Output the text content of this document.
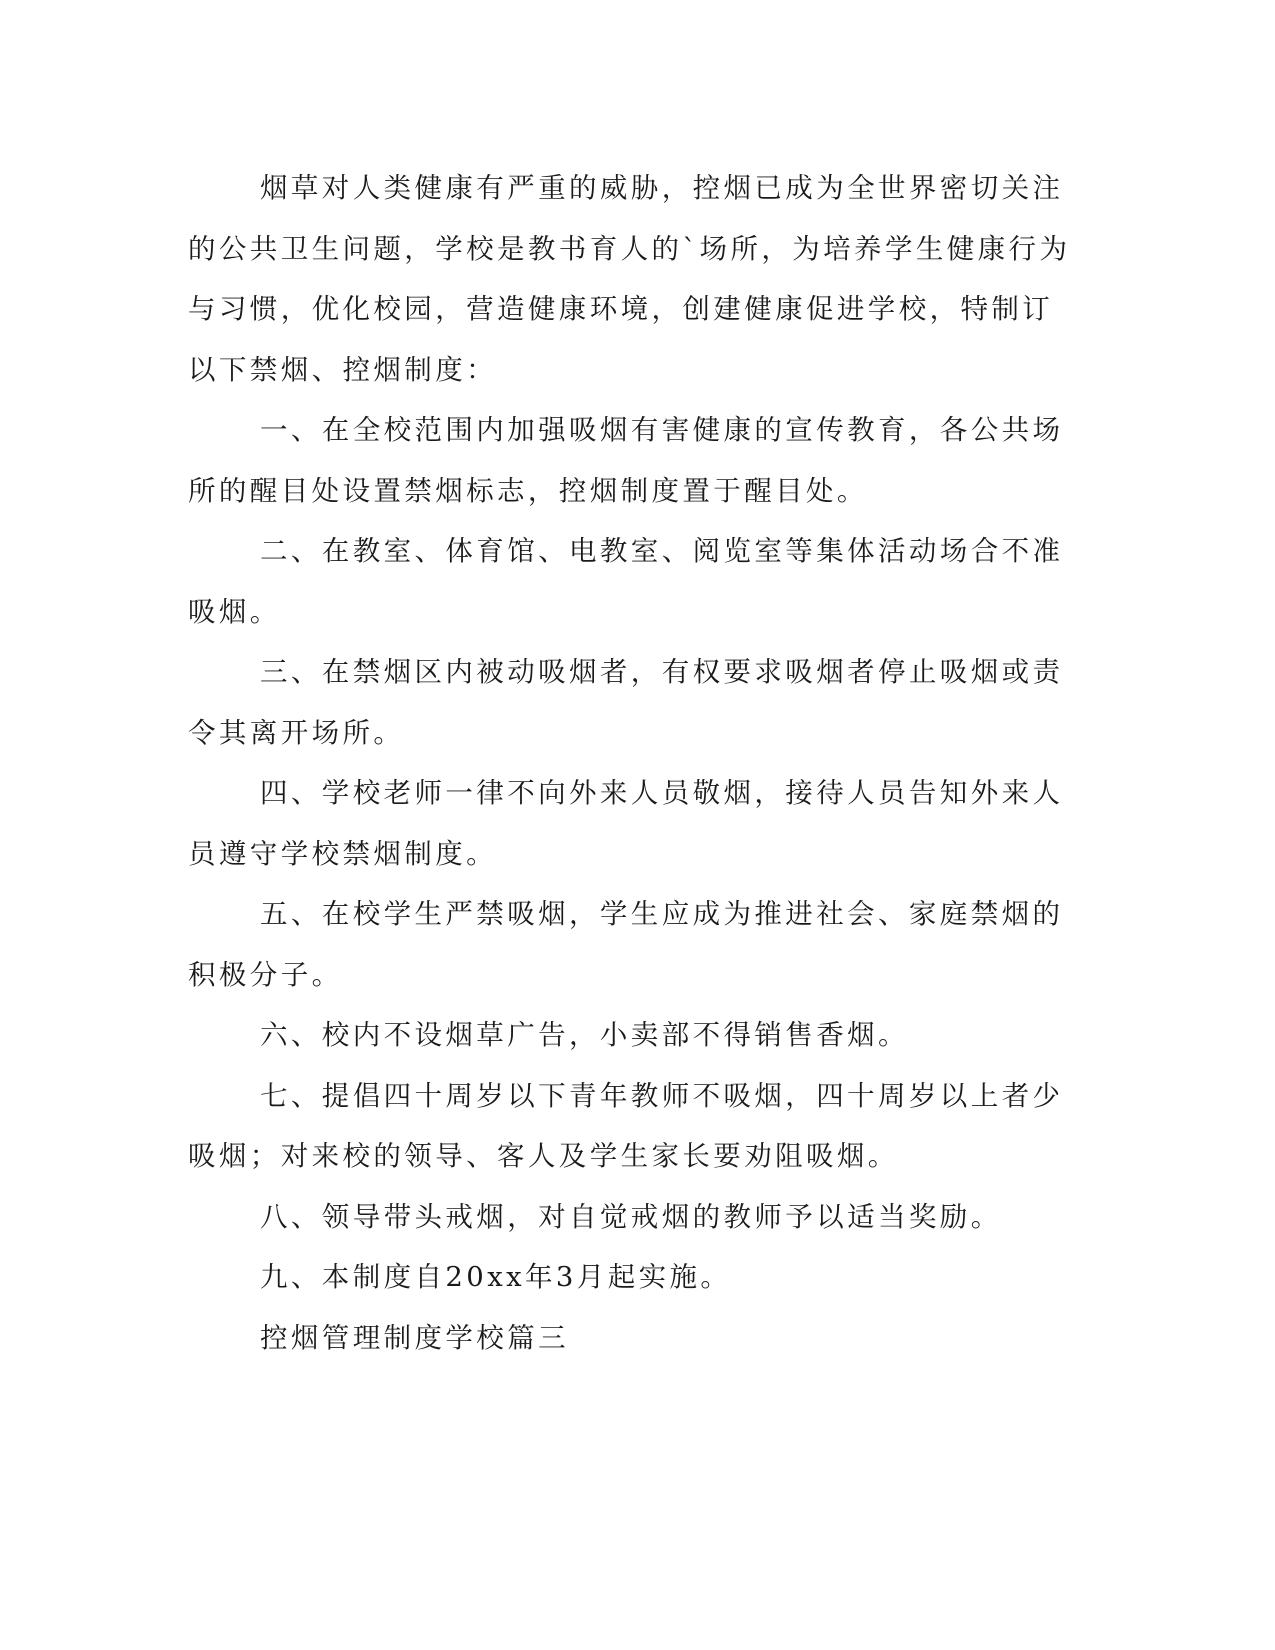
烟草对人类健康有严重的威胁，控烟已成为全世界密切关注的公共卫生问题，学校是教书育人的`场所，为培养学生健康行为与习惯，优化校园，营造健康环境，创建健康促进学校，特制订以下禁烟、控烟制度：

一、在全校范围内加强吸烟有害健康的宣传教育，各公共场所的醒目处设置禁烟标志，控烟制度置于醒目处。

二、在教室、体育馆、电教室、阅览室等集体活动场合不准吸烟。

三、在禁烟区内被动吸烟者，有权要求吸烟者停止吸烟或责令其离开场所。

四、学校老师一律不向外来人员敬烟，接待人员告知外来人员遵守学校禁烟制度。

五、在校学生严禁吸烟，学生应成为推进社会、家庭禁烟的积极分子。

六、校内不设烟草广告，小卖部不得销售香烟。

七、提倡四十周岁以下青年教师不吸烟，四十周岁以上者少吸烟；对来校的领导、客人及学生家长要劝阻吸烟。

八、领导带头戒烟，对自觉戒烟的教师予以适当奖励。

九、本制度自20xx年3月起实施。

控烟管理制度学校篇三
